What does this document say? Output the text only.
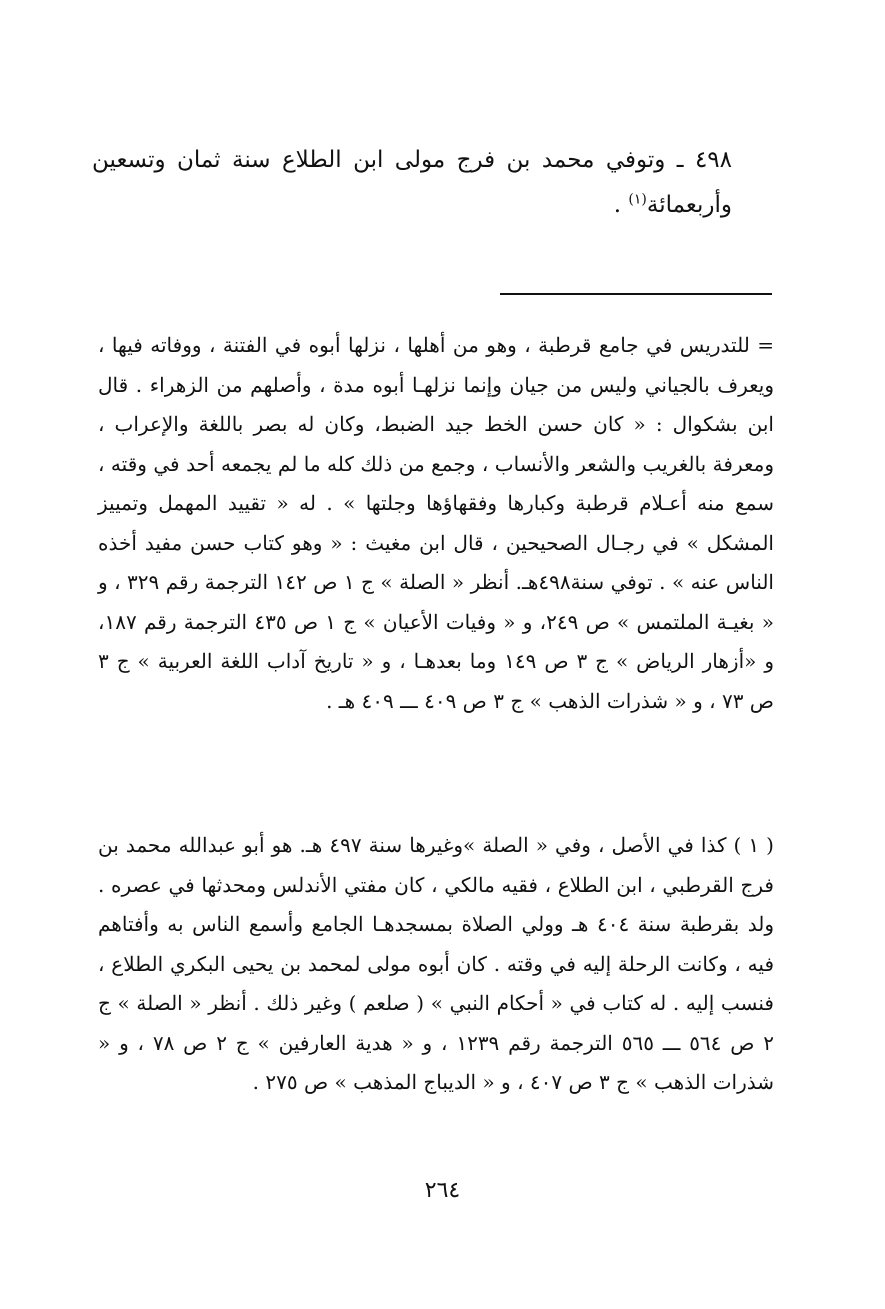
٤٩٨ ـ وتوفي محمد بن فرج مولى ابن الطلاع سنة ثمان وتسعين وأربعمائة$^{(١)}$ .

= للتدريس في جامع قرطبة ، وهو من أهلها ، نزلها أبوه في الفتنة ، ووفاته فيها ، ويعرف بالجياني وليس من جيان وإنما نزلهـا أبوه مدة ، وأصلهم من الزهراء . قال ابن بشكوال : « كان حسن الخط جيد الضبط، وكان له بصر باللغة والإعراب ، ومعرفة بالغريب والشعر والأنساب ، وجمع من ذلك كله ما لم يجمعه أحد في وقته ، سمع منه أعـلام قرطبة وكبارها وفقهاؤها وجلتها » . له « تقييد المهمل وتمييز المشكل » في رجـال الصحيحين ، قال ابن مغيث : « وهو كتاب حسن مفيد أخذه الناس عنه » . توفي سنة٤٩٨هـ. أنظر « الصلة » ج ١ ص ١٤٢ الترجمة رقم ٣٢٩ ، و « بغيـة الملتمس » ص ٢٤٩، و « وفيات الأعيان » ج ١ ص ٤٣٥ الترجمة رقم ١٨٧، و «أزهار الرياض » ج ٣ ص ١٤٩ وما بعدهـا ، و « تاريخ آداب اللغة العربية » ج ٣ ص ٧٣ ، و « شذرات الذهب » ج ٣ ص ٤٠٩ ـــ ٤٠٩ هـ .

( ١ ) كذا في الأصل ، وفي « الصلة »وغيرها سنة ٤٩٧ هـ. هو أبو عبدالله محمد بن فرج القرطبي ، ابن الطلاع ، فقيه مالكي ، كان مفتي الأندلس ومحدثها في عصره . ولد بقرطبة سنة ٤٠٤ هـ وولي الصلاة بمسجدهـا الجامع وأسمع الناس به وأفتاهم فيه ، وكانت الرحلة إليه في وقته . كان أبوه مولى لمحمد بن يحيى البكري الطلاع ، فنسب إليه . له كتاب في « أحكام النبي » ( صلعم ) وغير ذلك . أنظر « الصلة » ج ٢ ص ٥٦٤ ـــ ٥٦٥ الترجمة رقم ١٢٣٩ ، و « هدية العارفين » ج ٢ ص ٧٨ ، و « شذرات الذهب » ج ٣ ص ٤٠٧ ، و « الديباج المذهب » ص ٢٧٥ .

٢٦٤
